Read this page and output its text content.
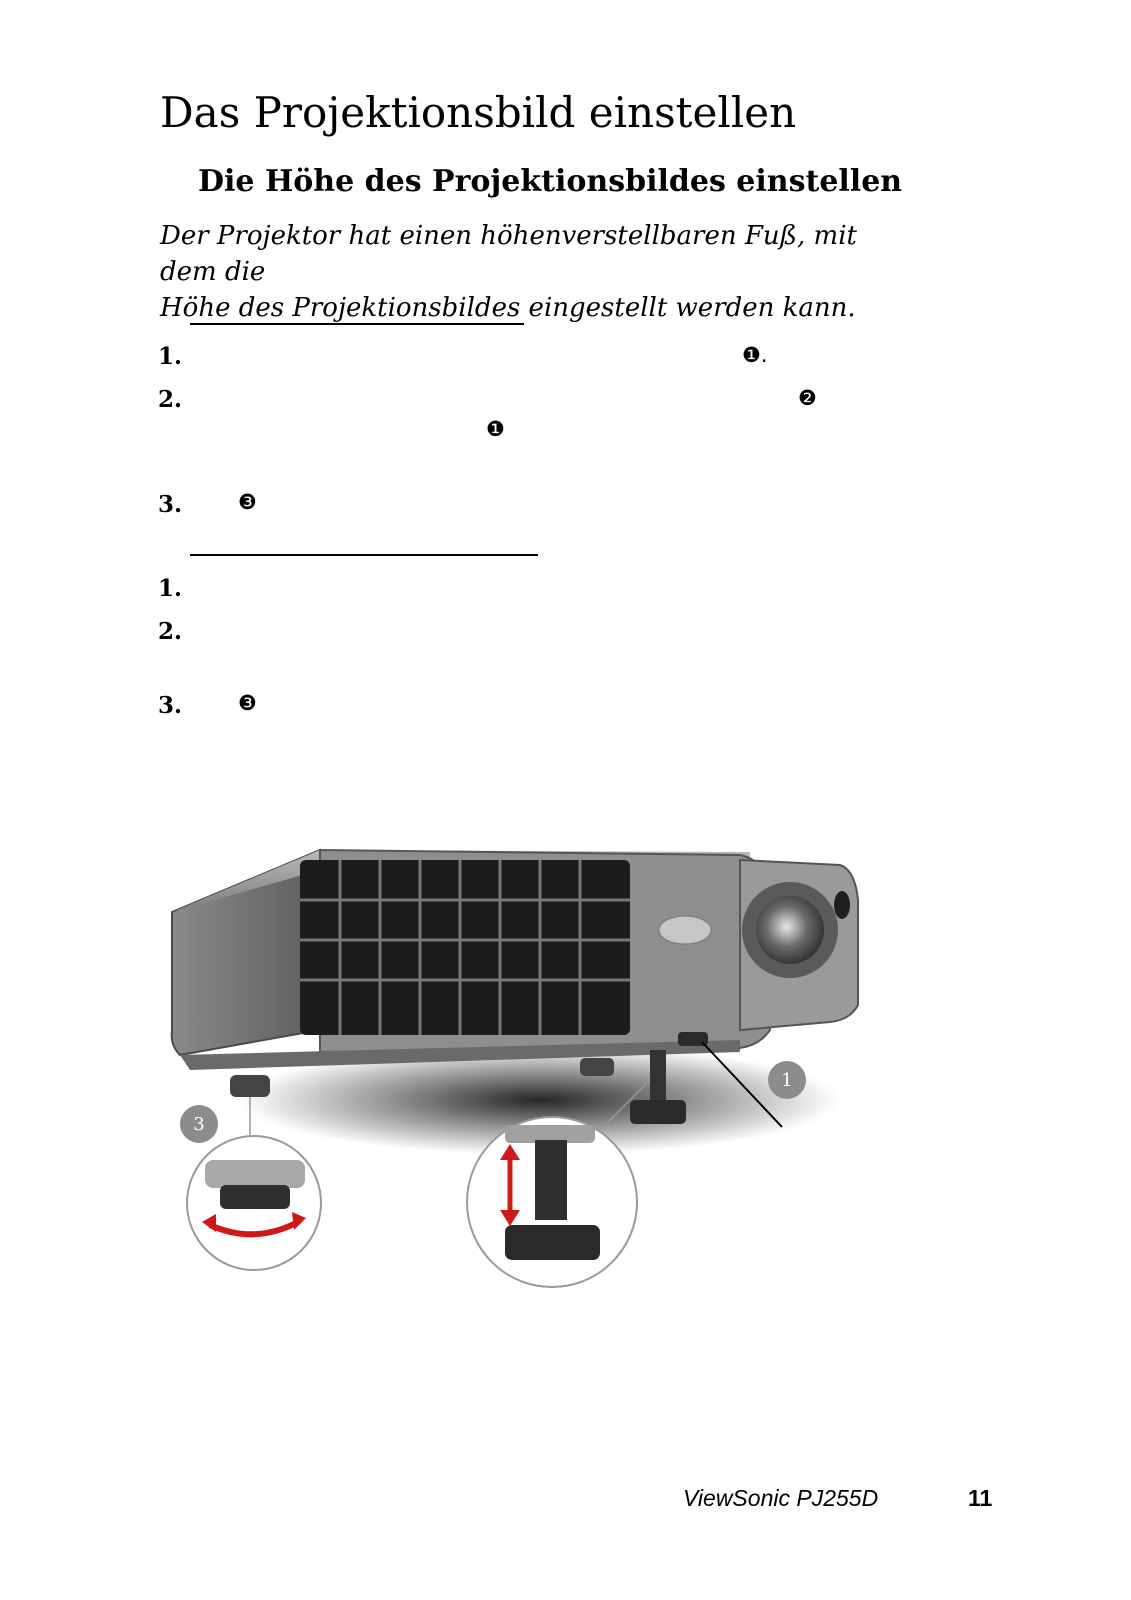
Das Projektionsbild einstellen
Die Höhe des Projektionsbildes einstellen

Der Projektor hat einen höhenverstellbaren Fuß, mit dem die
Höhe des Projektionsbildes eingestellt werden kann.

1.	❶.
2.	❷
❶
3.	❸
1.
2.
3.	❸
1
3
ViewSonic PJ255D	11
